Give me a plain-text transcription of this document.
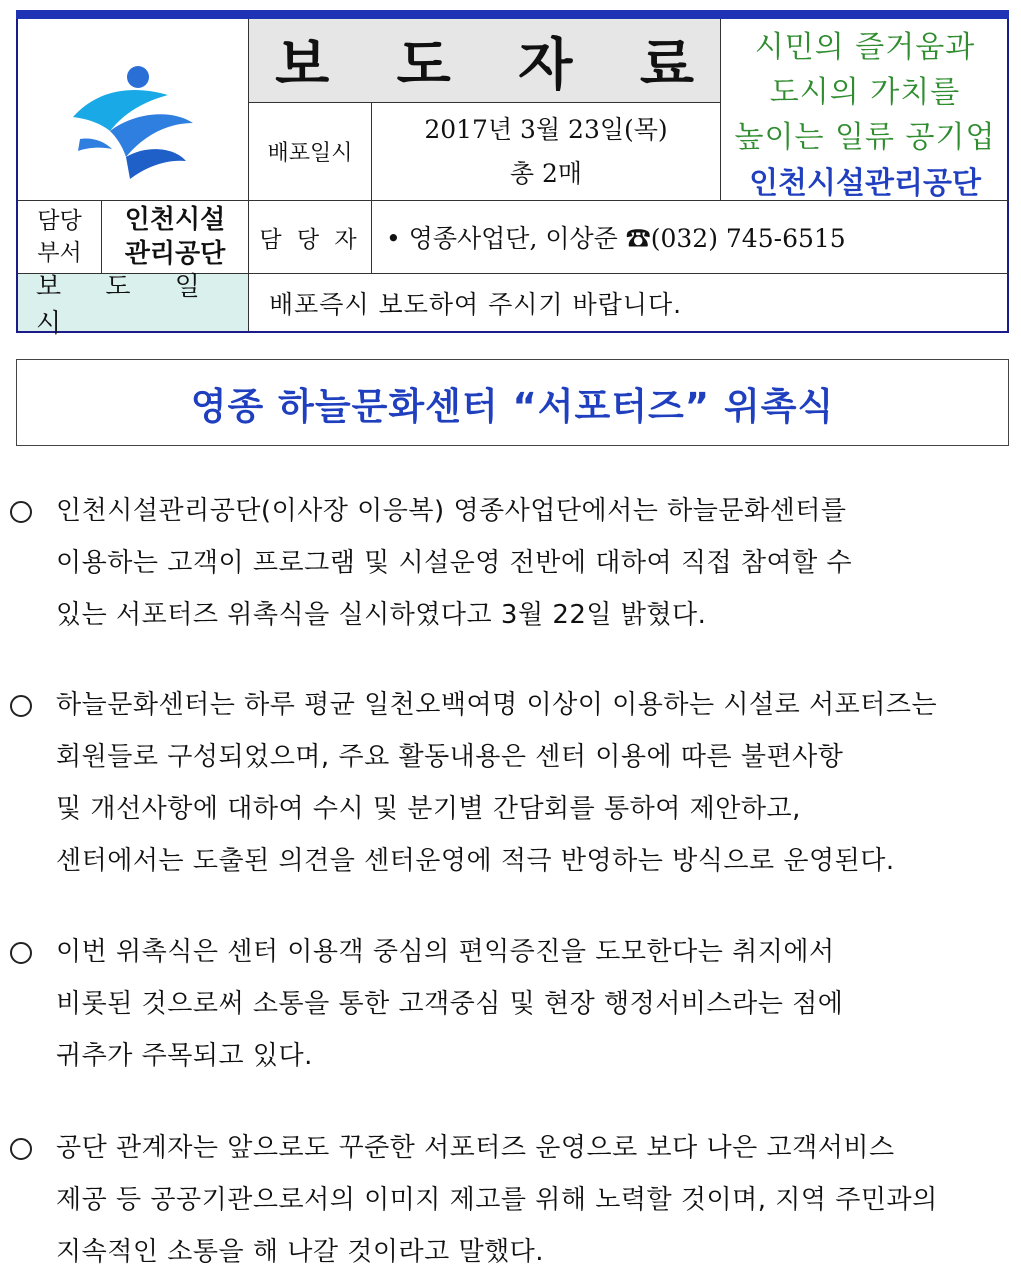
보 도 자 료
배포일시
2017년 3월 23일(목)
총 2매
시민의 즐거움과
도시의 가치를
높이는 일류 공기업
인천시설관리공단
담당
부서
인천시설
관리공단	담 당 자	• 영종사업단, 이상준 ☎(032) 745-6515
보 도 일 시
배포즉시 보도하여 주시기 바랍니다.
영종 하늘문화센터 “서포터즈” 위촉식
인천시설관리공단(이사장 이응복) 영종사업단에서는 하늘문화센터를
이용하는 고객이 프로그램 및 시설운영 전반에 대하여 직접 참여할 수
있는 서포터즈 위촉식을 실시하였다고 3월 22일 밝혔다.
하늘문화센터는 하루 평균 일천오백여명 이상이 이용하는 시설로 서포터즈는
회원들로 구성되었으며, 주요 활동내용은 센터 이용에 따른 불편사항
및 개선사항에 대하여 수시 및 분기별 간담회를 통하여 제안하고,
센터에서는 도출된 의견을 센터운영에 적극 반영하는 방식으로 운영된다.
이번 위촉식은 센터 이용객 중심의 편익증진을 도모한다는 취지에서
비롯된 것으로써 소통을 통한 고객중심 및 현장 행정서비스라는 점에
귀추가 주목되고 있다.
공단 관계자는 앞으로도 꾸준한 서포터즈 운영으로 보다 나은 고객서비스
제공 등 공공기관으로서의 이미지 제고를 위해 노력할 것이며, 지역 주민과의
지속적인 소통을 해 나갈 것이라고 말했다.
